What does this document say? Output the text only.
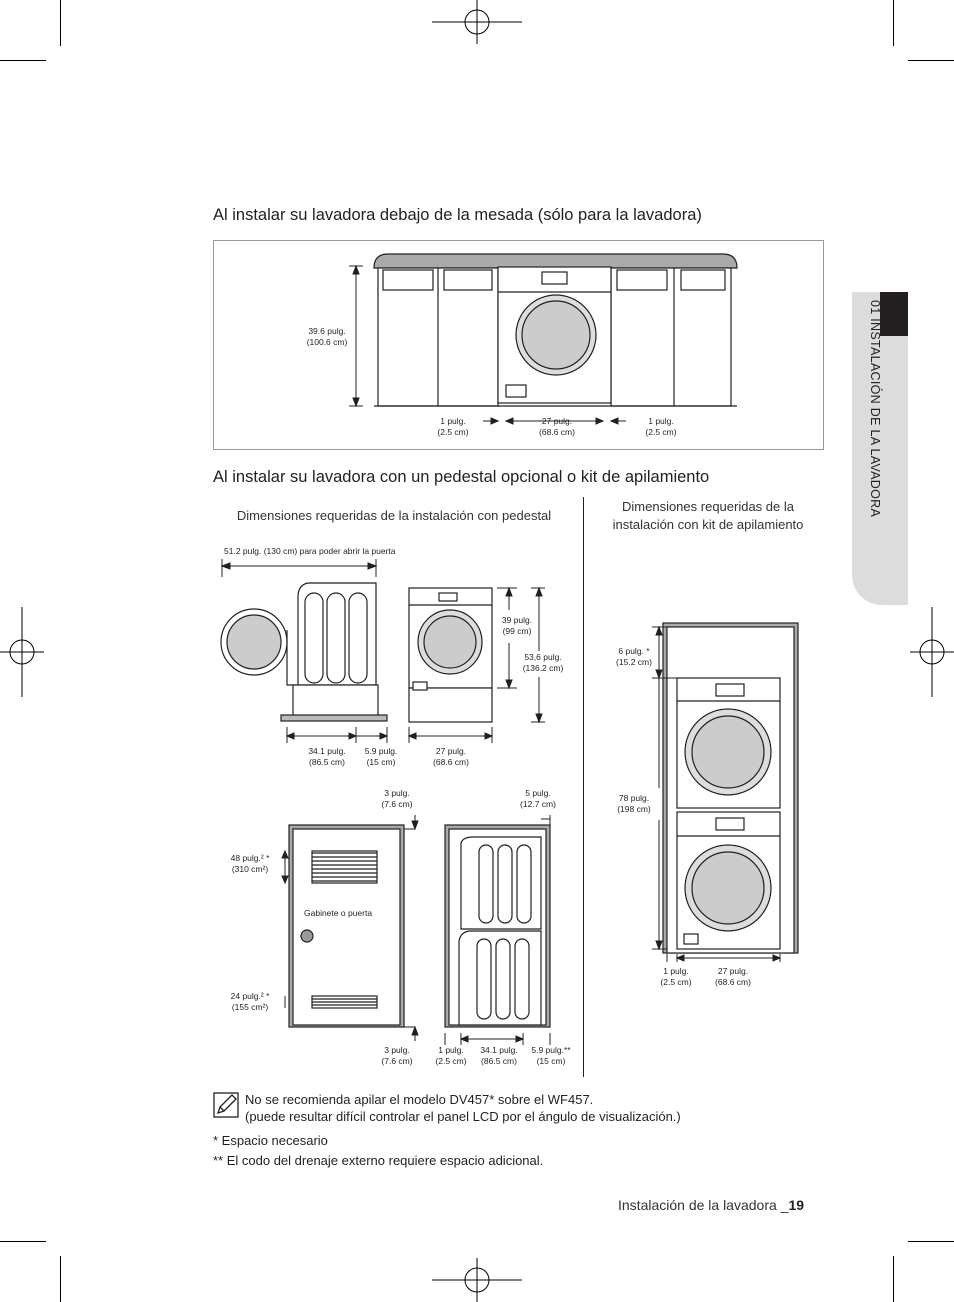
01 INSTALACIÓN DE LA LAVADORA
Al instalar su lavadora debajo de la mesada (sólo para la lavadora)
39.6 pulg.
(100.6 cm)
1 pulg.
(2.5 cm)
27 pulg.
(68.6 cm)
1 pulg.
(2.5 cm)
Al instalar su lavadora con un pedestal opcional o kit de apilamiento
Dimensiones requeridas de la instalación con pedestal
Dimensiones requeridas de la
instalación con kit de apilamiento
51.2 pulg. (130 cm) para poder abrir la puerta
39 pulg.
(99 cm)
53,6 pulg.
(136.2 cm)
34.1 pulg.
(86.5 cm)
5.9 pulg.
(15 cm)
27 pulg.
(68.6 cm)
3 pulg.
(7.6 cm)
5 pulg.
(12.7 cm)
48 pulg.² *
(310 cm²)
Gabinete o puerta
24 pulg.² *
(155 cm²)
3 pulg.
(7.6 cm)
1 pulg.
(2.5 cm)
34.1 pulg.
(86.5 cm)
5.9 pulg.**
(15 cm)
6 pulg. *
(15.2 cm)
78 pulg.
(198 cm)
1 pulg.
(2.5 cm)
27 pulg.
(68.6 cm)
No se recomienda apilar el modelo DV457* sobre el WF457.
(puede resultar difícil controlar el panel LCD por el ángulo de visualización.)
* Espacio necesario
** El codo del drenaje externo requiere espacio adicional.
Instalación de la lavadora _19
